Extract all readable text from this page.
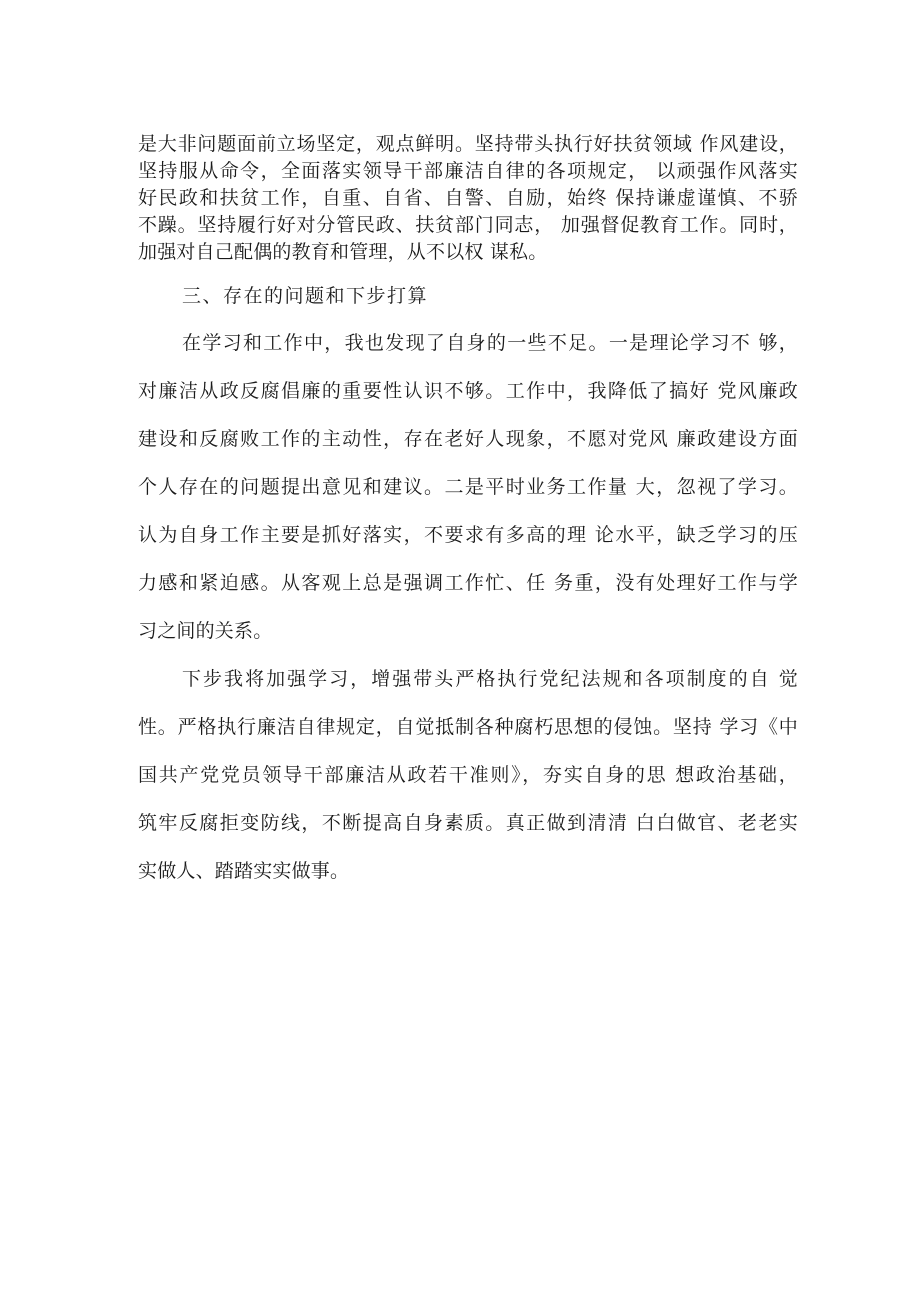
是大非问题面前立场坚定，观点鲜明。坚持带头执行好扶贫领域 作风建设，
坚持服从命令，全面落实领导干部廉洁自律的各项规定， 以顽强作风落实
好民政和扶贫工作，自重、自省、自警、自励，始终 保持谦虚谨慎、不骄
不躁。坚持履行好对分管民政、扶贫部门同志， 加强督促教育工作。同时，
加强对自己配偶的教育和管理，从不以权 谋私。
三、存在的问题和下步打算
在学习和工作中，我也发现了自身的一些不足。一是理论学习不 够，
对廉洁从政反腐倡廉的重要性认识不够。工作中，我降低了搞好 党风廉政
建设和反腐败工作的主动性，存在老好人现象，不愿对党风 廉政建设方面
个人存在的问题提出意见和建议。二是平时业务工作量 大，忽视了学习。
认为自身工作主要是抓好落实，不要求有多高的理 论水平，缺乏学习的压
力感和紧迫感。从客观上总是强调工作忙、任 务重，没有处理好工作与学
习之间的关系。
下步我将加强学习，增强带头严格执行党纪法规和各项制度的自 觉
性。严格执行廉洁自律规定，自觉抵制各种腐朽思想的侵蚀。坚持 学习《中
国共产党党员领导干部廉洁从政若干准则》，夯实自身的思 想政治基础，
筑牢反腐拒变防线，不断提高自身素质。真正做到清清 白白做官、老老实
实做人、踏踏实实做事。
